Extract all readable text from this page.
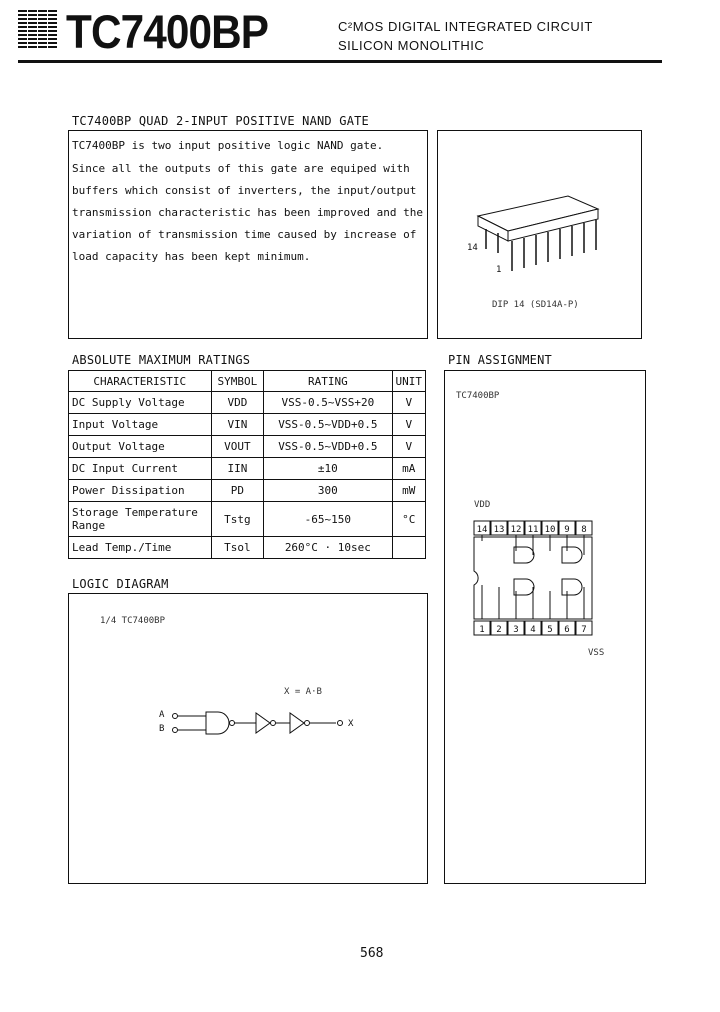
TC7400BP	C²MOS DIGITAL INTEGRATED CIRCUIT
SILICON MONOLITHIC
TC7400BP QUAD 2-INPUT POSITIVE NAND GATE
TC7400BP is two input positive logic NAND gate.
Since all the outputs of this gate are equiped with
buffers which consist of inverters, the input/output
transmission characteristic has been improved and the
variation of transmission time caused by increase of
load capacity has been kept minimum.
14
1
DIP 14 (SD14A-P)
ABSOLUTE MAXIMUM RATINGS
CHARACTERISTIC	SYMBOL	RATING	UNIT
DC Supply Voltage	VDD	VSS-0.5~VSS+20	V
Input Voltage	VIN	VSS-0.5~VDD+0.5	V
Output Voltage	VOUT	VSS-0.5~VDD+0.5	V
DC Input Current	IIN	±10	mA
Power Dissipation	PD	300	mW
Storage Temperature Range	Tstg	-65~150	°C
Lead Temp./Time	Tsol	260°C · 10sec	
PIN ASSIGNMENT
TC7400BP
VDD
VSS
14 13 12 11 10 9 8
1 2 3 4 5 6 7
LOGIC DIAGRAM
1/4 TC7400BP
X = A·B
A
B	X
568
